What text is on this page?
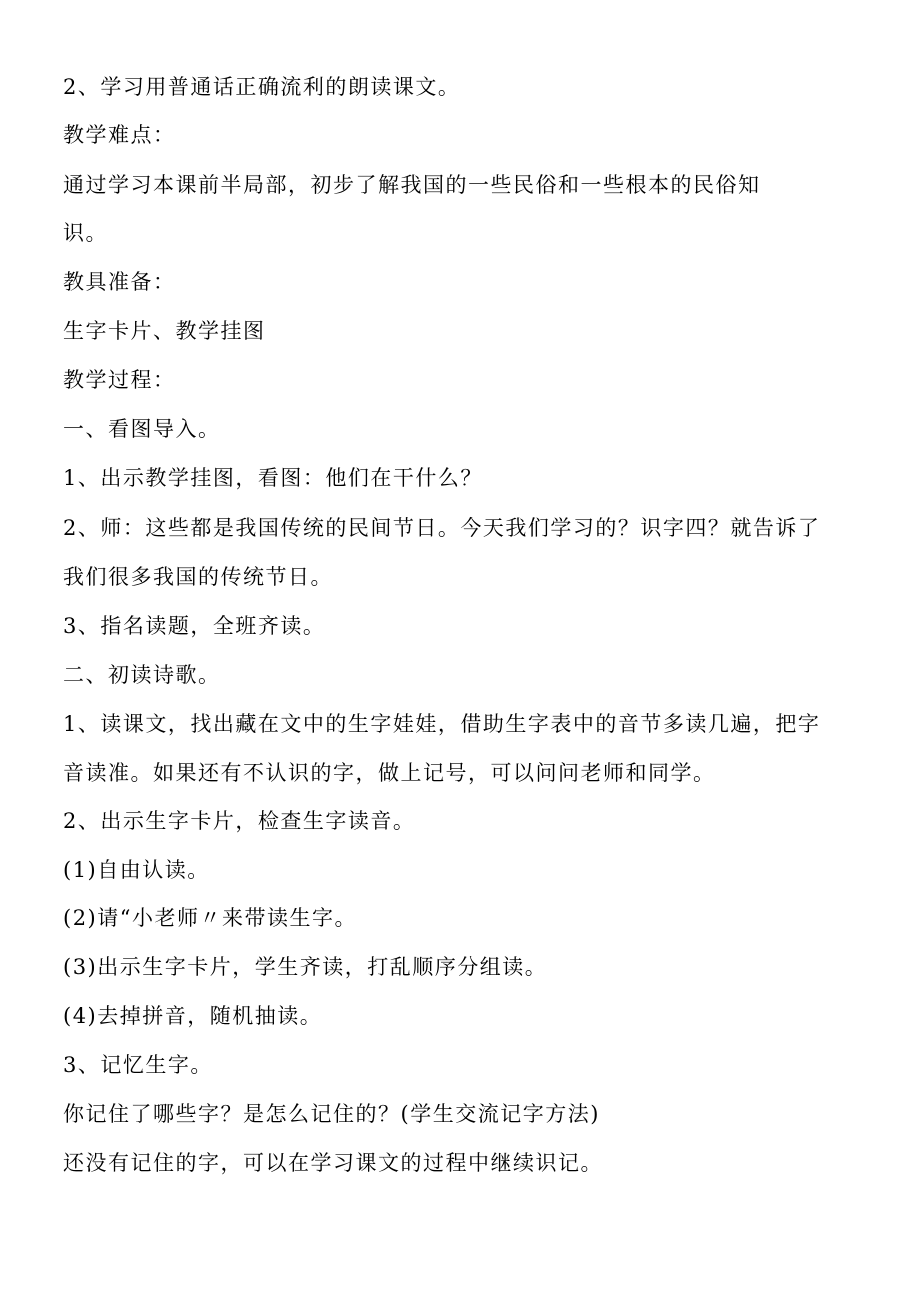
2、学习用普通话正确流利的朗读课文。
教学难点：
通过学习本课前半局部，初步了解我国的一些民俗和一些根本的民俗知
识。
教具准备：
生字卡片、教学挂图
教学过程：
一、看图导入。
1、出示教学挂图，看图：他们在干什么？
2、师：这些都是我国传统的民间节日。今天我们学习的？识字四？就告诉了
我们很多我国的传统节日。
3、指名读题，全班齐读。
二、初读诗歌。
1、读课文，找出藏在文中的生字娃娃，借助生字表中的音节多读几遍，把字
音读准。如果还有不认识的字，做上记号，可以问问老师和同学。
2、出示生字卡片，检查生字读音。
(1)自由认读。
(2)请“小老师〃来带读生字。
(3)出示生字卡片，学生齐读，打乱顺序分组读。
(4)去掉拼音，随机抽读。
3、记忆生字。
你记住了哪些字？是怎么记住的？(学生交流记字方法)
还没有记住的字，可以在学习课文的过程中继续识记。
